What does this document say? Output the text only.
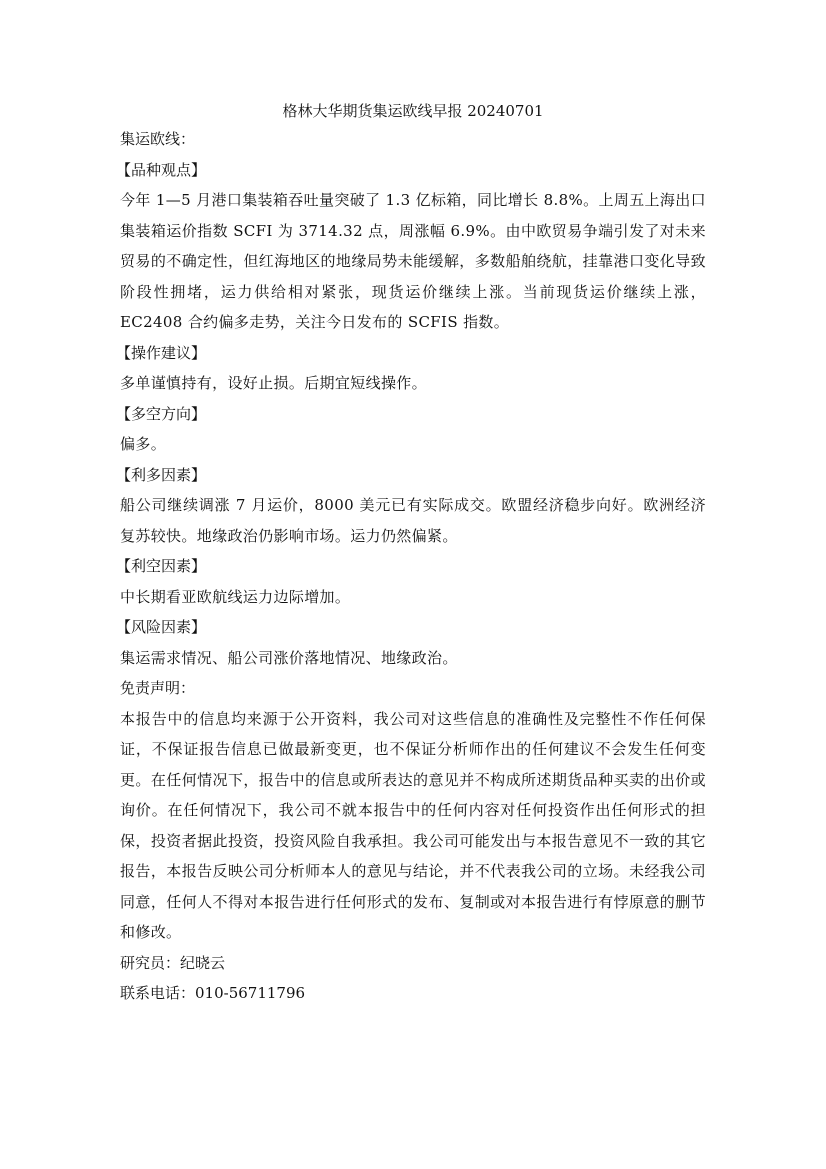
格林大华期货集运欧线早报 20240701

集运欧线：

【品种观点】

今年 1—5 月港口集装箱吞吐量突破了 1.3 亿标箱，同比增长 8.8%。上周五上海出口集装箱运价指数 SCFI 为 3714.32 点，周涨幅 6.9%。由中欧贸易争端引发了对未来贸易的不确定性，但红海地区的地缘局势未能缓解，多数船舶绕航，挂靠港口变化导致阶段性拥堵，运力供给相对紧张，现货运价继续上涨。当前现货运价继续上涨，EC2408 合约偏多走势，关注今日发布的 SCFIS 指数。

【操作建议】

多单谨慎持有，设好止损。后期宜短线操作。

【多空方向】

偏多。

【利多因素】

船公司继续调涨 7 月运价，8000 美元已有实际成交。欧盟经济稳步向好。欧洲经济复苏较快。地缘政治仍影响市场。运力仍然偏紧。

【利空因素】

中长期看亚欧航线运力边际增加。

【风险因素】

集运需求情况、船公司涨价落地情况、地缘政治。

免责声明：

本报告中的信息均来源于公开资料，我公司对这些信息的准确性及完整性不作任何保证，不保证报告信息已做最新变更，也不保证分析师作出的任何建议不会发生任何变更。在任何情况下，报告中的信息或所表达的意见并不构成所述期货品种买卖的出价或询价。在任何情况下，我公司不就本报告中的任何内容对任何投资作出任何形式的担保，投资者据此投资，投资风险自我承担。我公司可能发出与本报告意见不一致的其它报告，本报告反映公司分析师本人的意见与结论，并不代表我公司的立场。未经我公司同意，任何人不得对本报告进行任何形式的发布、复制或对本报告进行有悖原意的删节和修改。

研究员：纪晓云

联系电话：010-56711796
